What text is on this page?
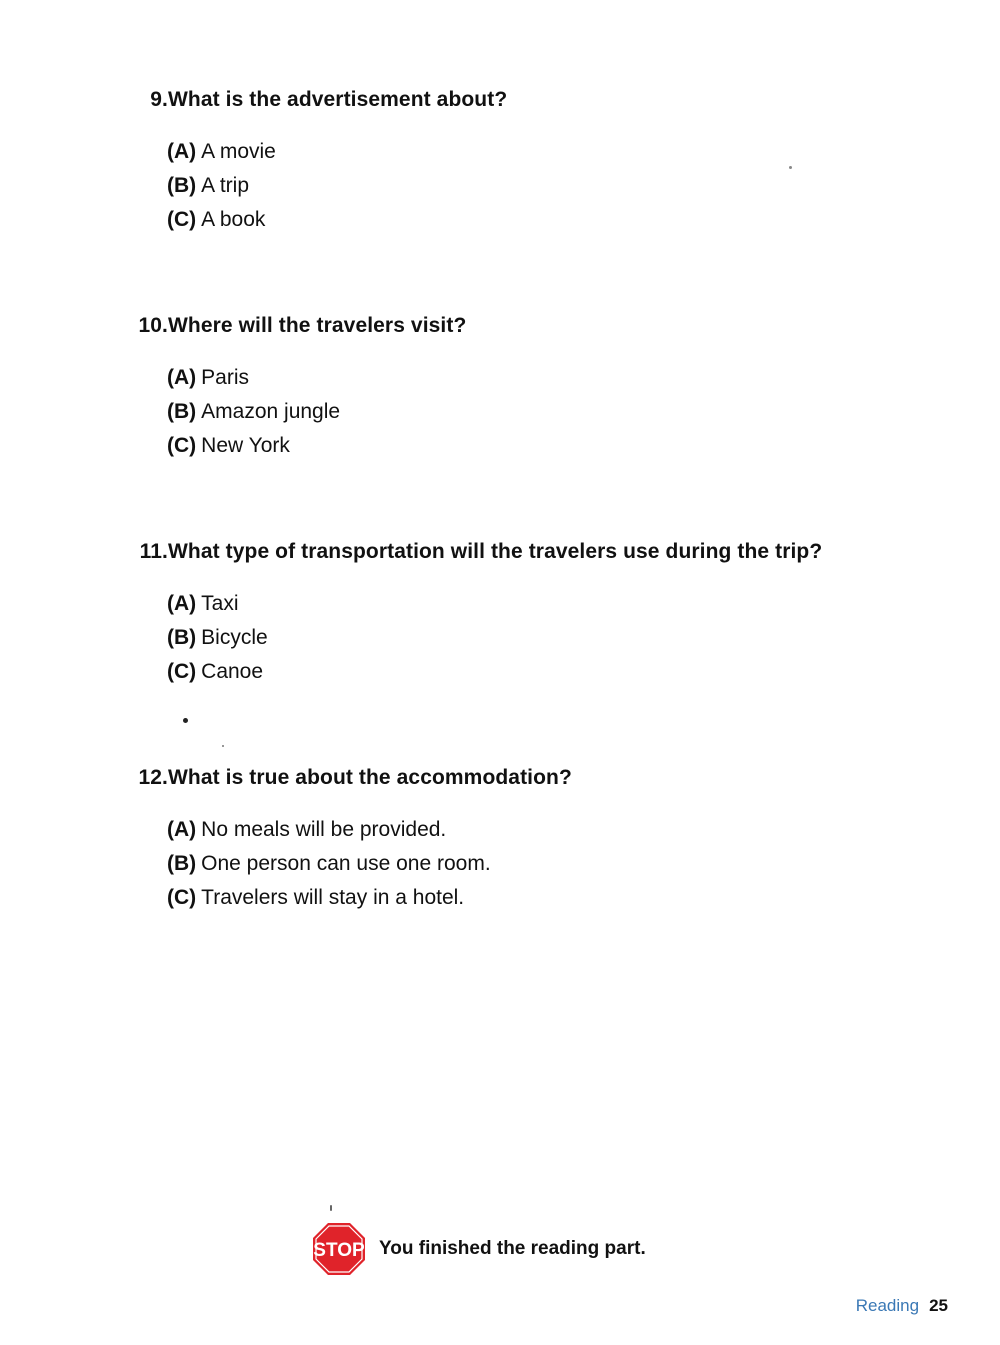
9. What is the advertisement about?
(A) A movie
(B) A trip
(C) A book
10. Where will the travelers visit?
(A) Paris
(B) Amazon jungle
(C) New York
11. What type of transportation will the travelers use during the trip?
(A) Taxi
(B) Bicycle
(C) Canoe
12. What is true about the accommodation?
(A) No meals will be provided.
(B) One person can use one room.
(C) Travelers will stay in a hotel.
STOP You finished the reading part.
Reading 25
